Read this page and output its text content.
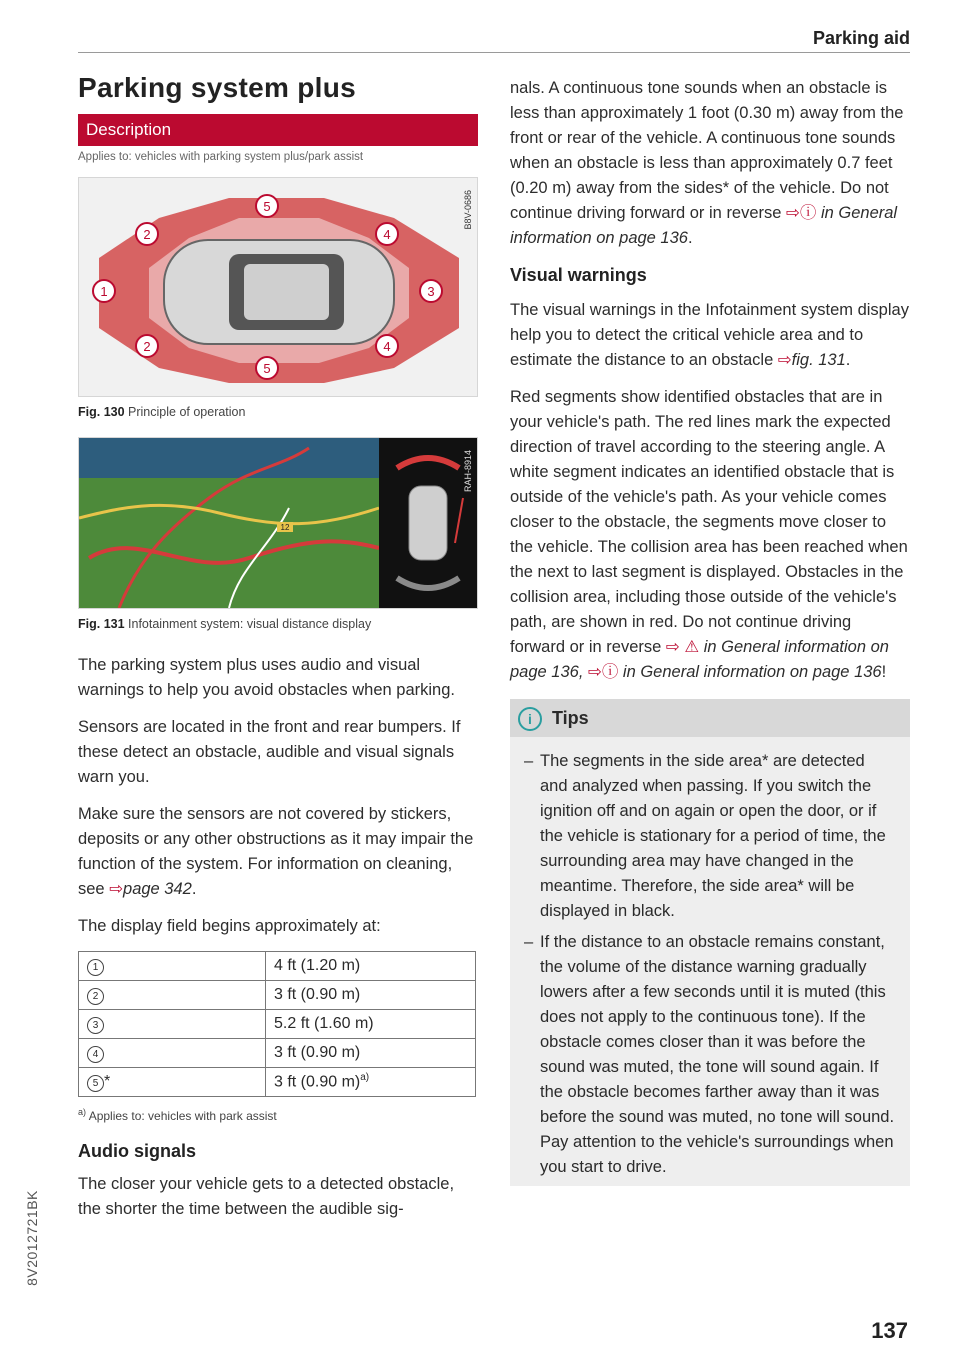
Parking aid
8V2012721BK
Parking system plus
Description
Applies to: vehicles with parking system plus/park assist
1
2
2
3
4
4
5
5
B8V-0686
Fig. 130 Principle of operation
12
RAH-8914
Fig. 131 Infotainment system: visual distance display

The parking system plus uses audio and visual warnings to help you avoid obstacles when parking.

Sensors are located in the front and rear bumpers. If these detect an obstacle, audible and visual signals warn you.

Make sure the sensors are not covered by stickers, deposits or any other obstructions as it may impair the function of the system. For information on cleaning, see ⇨page 342.

The display field begins approximately at:

1	4 ft (1.20 m)
2	3 ft (0.90 m)
3	5.2 ft (1.60 m)
4	3 ft (0.90 m)
5 *	3 ft (0.90 m)$^{a)}$
$^{a)}$ Applies to: vehicles with park assist
Audio signals

The closer your vehicle gets to a detected obstacle, the shorter the time between the audible sig-

nals. A continuous tone sounds when an obstacle is less than approximately 1 foot (0.30 m) away from the front or rear of the vehicle. A continuous tone sounds when an obstacle is less than approximately 0.7 feet (0.20 m) away from the sides* of the vehicle. Do not continue driving forward or in reverse ⇨ⓘ in General information on page 136.

Visual warnings

The visual warnings in the Infotainment system display help you to detect the critical vehicle area and to estimate the distance to an obstacle ⇨fig. 131.

Red segments show identified obstacles that are in your vehicle's path. The red lines mark the expected direction of travel according to the steering angle. A white segment indicates an identified obstacle that is outside of the vehicle's path. As your vehicle comes closer to the obstacle, the segments move closer to the vehicle. The collision area has been reached when the next to last segment is displayed. Obstacles in the collision area, including those outside of the vehicle's path, are shown in red. Do not continue driving forward or in reverse ⇨ ⚠ in General information on page 136, ⇨ⓘ in General information on page 136!

i Tips
– The segments in the side area* are detected and analyzed when passing. If you switch the ignition off and on again or open the door, or if the vehicle is stationary for a period of time, the surrounding area may have changed in the meantime. Therefore, the side area* will be displayed in black.
– If the distance to an obstacle remains constant, the volume of the distance warning gradually lowers after a few seconds until it is muted (this does not apply to the continuous tone). If the obstacle comes closer than it was before the sound was muted, the tone will sound again. If the obstacle becomes farther away than it was before the sound was muted, no tone will sound. Pay attention to the vehicle's surroundings when you start to drive.
137
